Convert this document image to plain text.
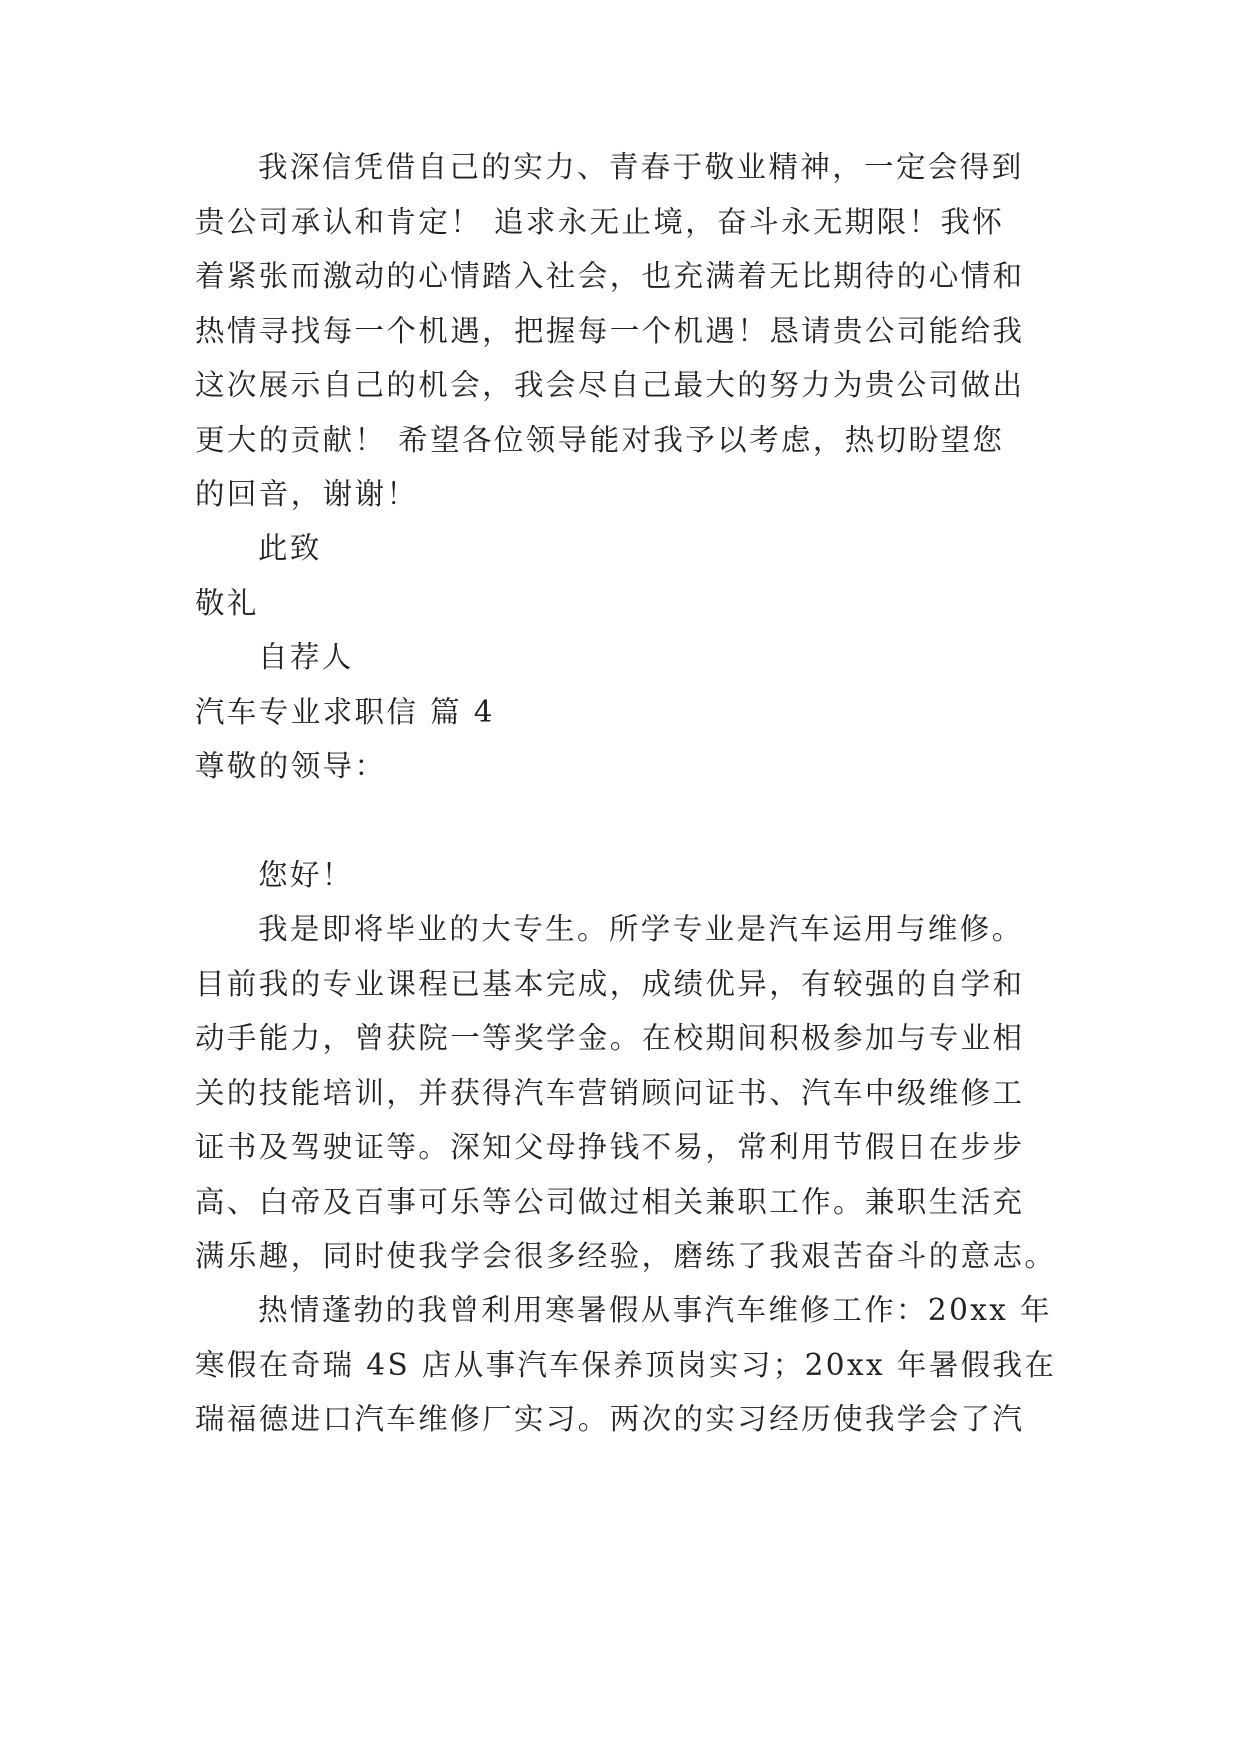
我深信凭借自己的实力、青春于敬业精神，一定会得到
贵公司承认和肯定！ 追求永无止境，奋斗永无期限！我怀
着紧张而激动的心情踏入社会，也充满着无比期待的心情和
热情寻找每一个机遇，把握每一个机遇！恳请贵公司能给我
这次展示自己的机会，我会尽自己最大的努力为贵公司做出
更大的贡献！ 希望各位领导能对我予以考虑，热切盼望您
的回音，谢谢！
此致
敬礼
自荐人
汽车专业求职信 篇 4
尊敬的领导：
您好！
我是即将毕业的大专生。所学专业是汽车运用与维修。
目前我的专业课程已基本完成，成绩优异，有较强的自学和
动手能力，曾获院一等奖学金。在校期间积极参加与专业相
关的技能培训，并获得汽车营销顾问证书、汽车中级维修工
证书及驾驶证等。深知父母挣钱不易，常利用节假日在步步
高、白帝及百事可乐等公司做过相关兼职工作。兼职生活充
满乐趣，同时使我学会很多经验，磨练了我艰苦奋斗的意志。
热情蓬勃的我曾利用寒暑假从事汽车维修工作：20xx 年
寒假在奇瑞 4S 店从事汽车保养顶岗实习；20xx 年暑假我在
瑞福德进口汽车维修厂实习。两次的实习经历使我学会了汽
